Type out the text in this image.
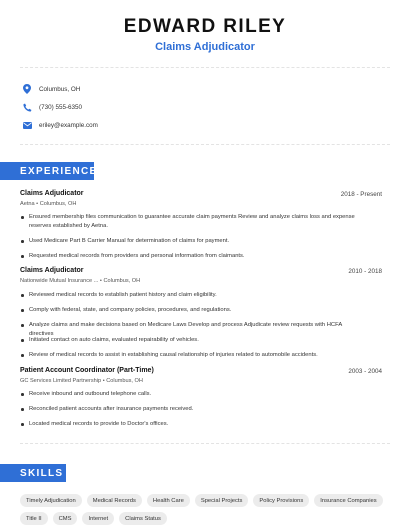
EDWARD RILEY
Claims Adjudicator
Columbus, OH
(730) 555-6350
eriley@example.com
EXPERIENCE
Claims Adjudicator	2018 - Present
Aetna • Columbus, OH
Ensured membership files communication to guarantee accurate claim payments Review and analyze claims loss and expense reserves established by Aetna.
Used Medicare Part B Carrier Manual for determination of claims for payment.
Requested medical records from providers and personal information from claimants.
Claims Adjudicator	2010 - 2018
Nationwide Mutual Insurance ... • Columbus, OH
Reviewed medical records to establish patient history and claim eligibility.
Comply with federal, state, and company policies, procedures, and regulations.
Analyze claims and make decisions based on Medicare Laws Develop and process Adjudicate review requests with HCFA directives
Initiated contact on auto claims, evaluated repairability of vehicles.
Review of medical records to assist in establishing causal relationship of injuries related to automobile accidents.
Patient Account Coordinator (Part-Time)	2003 - 2004
GC Services Limited Partnership • Columbus, OH
Receive inbound and outbound telephone calls.
Reconciled patient accounts after insurance payments received.
Located medical records to provide to Doctor's offices.
SKILLS
Timely Adjudication	Medical Records	Health Care	Special Projects	Policy Provisions	Insurance Companies
Title II	CMS	Internet	Claims Status
